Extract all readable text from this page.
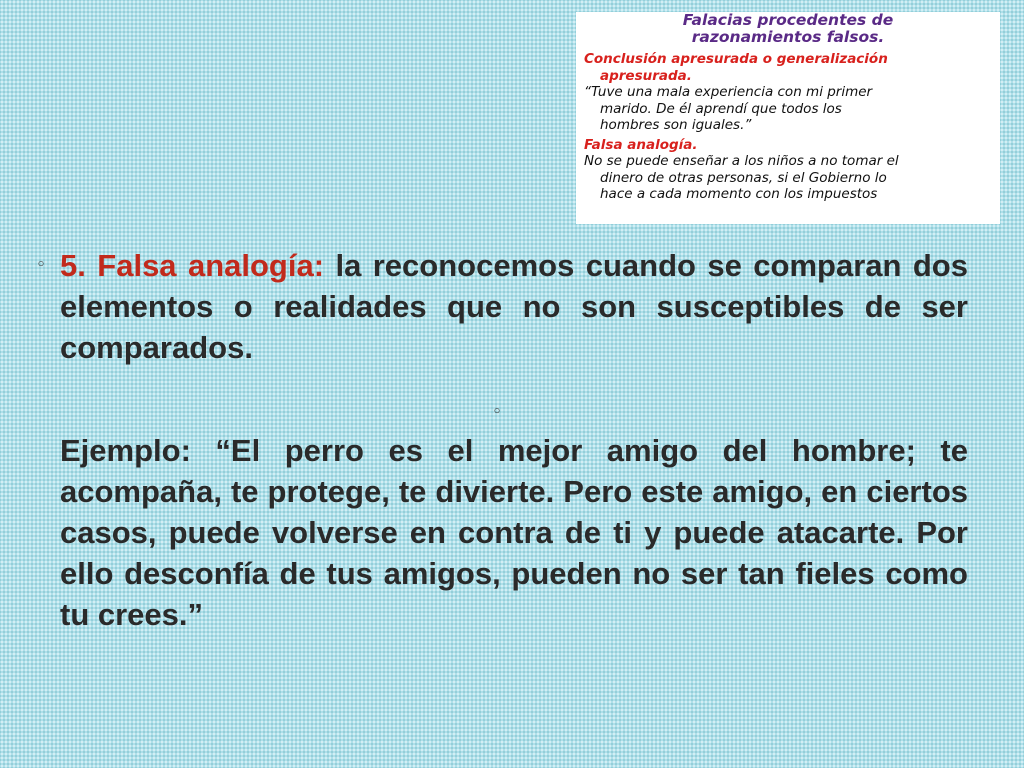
Falacias procedentes de
razonamientos falsos.
Conclusión apresurada o generalización
apresurada.
“Tuve una mala experiencia con mi primer
marido. De él aprendí que todos los
hombres son iguales.”
Falsa analogía.
No se puede enseñar a los niños a no tomar el
dinero de otras personas, si el Gobierno lo
hace a cada momento con los impuestos
◦ 5. Falsa analogía: la reconocemos cuando se comparan dos elementos o realidades que no son susceptibles de ser comparados.
◦
Ejemplo: “El perro es el mejor amigo del hombre; te acompaña, te protege, te divierte. Pero este amigo, en ciertos casos, puede volverse en contra de ti y puede atacarte. Por ello desconfía de tus amigos, pueden no ser tan fieles como tu crees.”
